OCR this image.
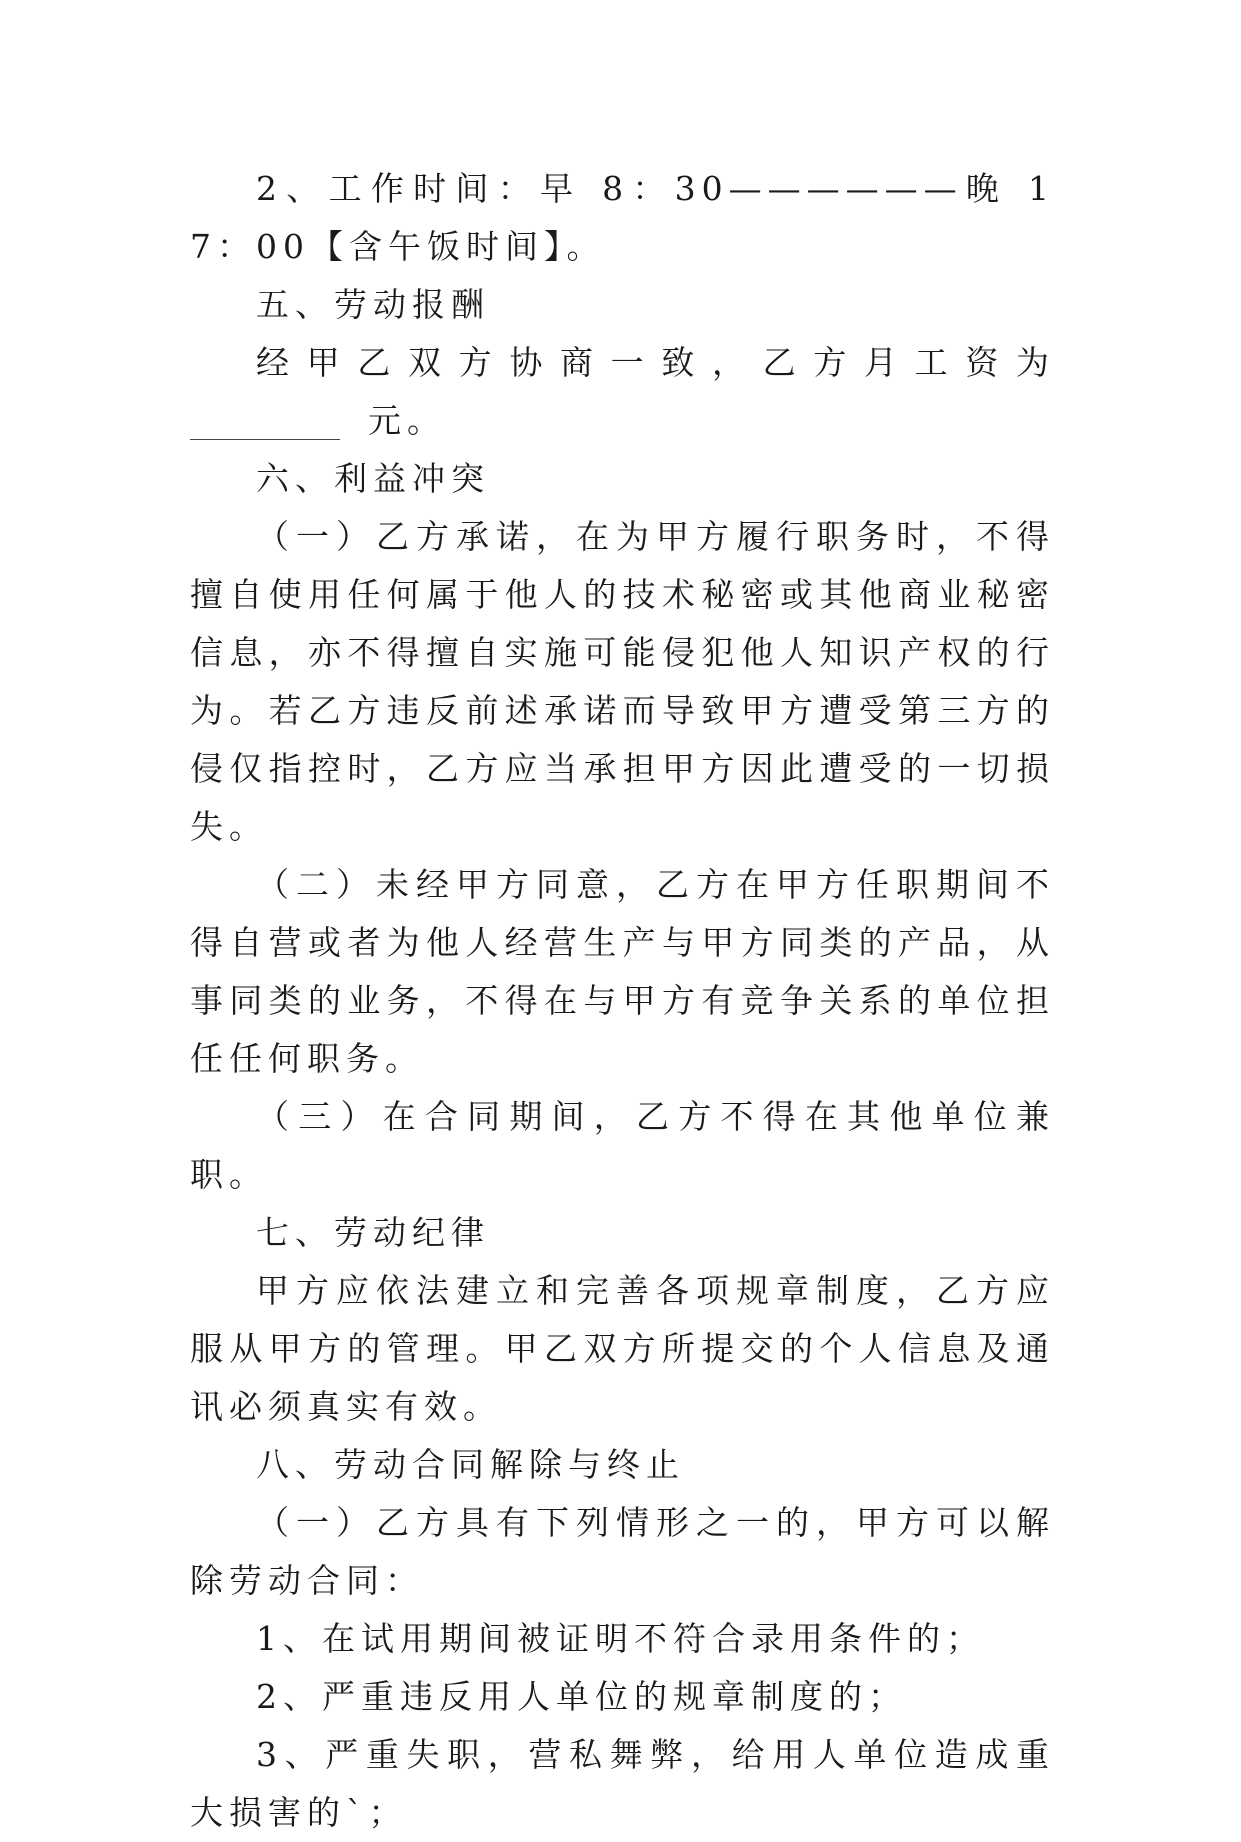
2、工作时间：早 8：30——————晚 17：00【含午饭时间】。

五、劳动报酬

经甲乙双方协商一致，乙方月工资为元。

六、利益冲突

（一）乙方承诺，在为甲方履行职务时，不得擅自使用任何属于他人的技术秘密或其他商业秘密信息，亦不得擅自实施可能侵犯他人知识产权的行为。若乙方违反前述承诺而导致甲方遭受第三方的侵仅指控时，乙方应当承担甲方因此遭受的一切损失。

（二）未经甲方同意，乙方在甲方任职期间不得自营或者为他人经营生产与甲方同类的产品，从事同类的业务，不得在与甲方有竞争关系的单位担任任何职务。

（三）在合同期间，乙方不得在其他单位兼职。

七、劳动纪律

甲方应依法建立和完善各项规章制度，乙方应服从甲方的管理。甲乙双方所提交的个人信息及通讯必须真实有效。

八、劳动合同解除与终止

（一）乙方具有下列情形之一的，甲方可以解除劳动合同：

1、在试用期间被证明不符合录用条件的；

2、严重违反用人单位的规章制度的；

3、严重失职，营私舞弊，给用人单位造成重大损害的`；
